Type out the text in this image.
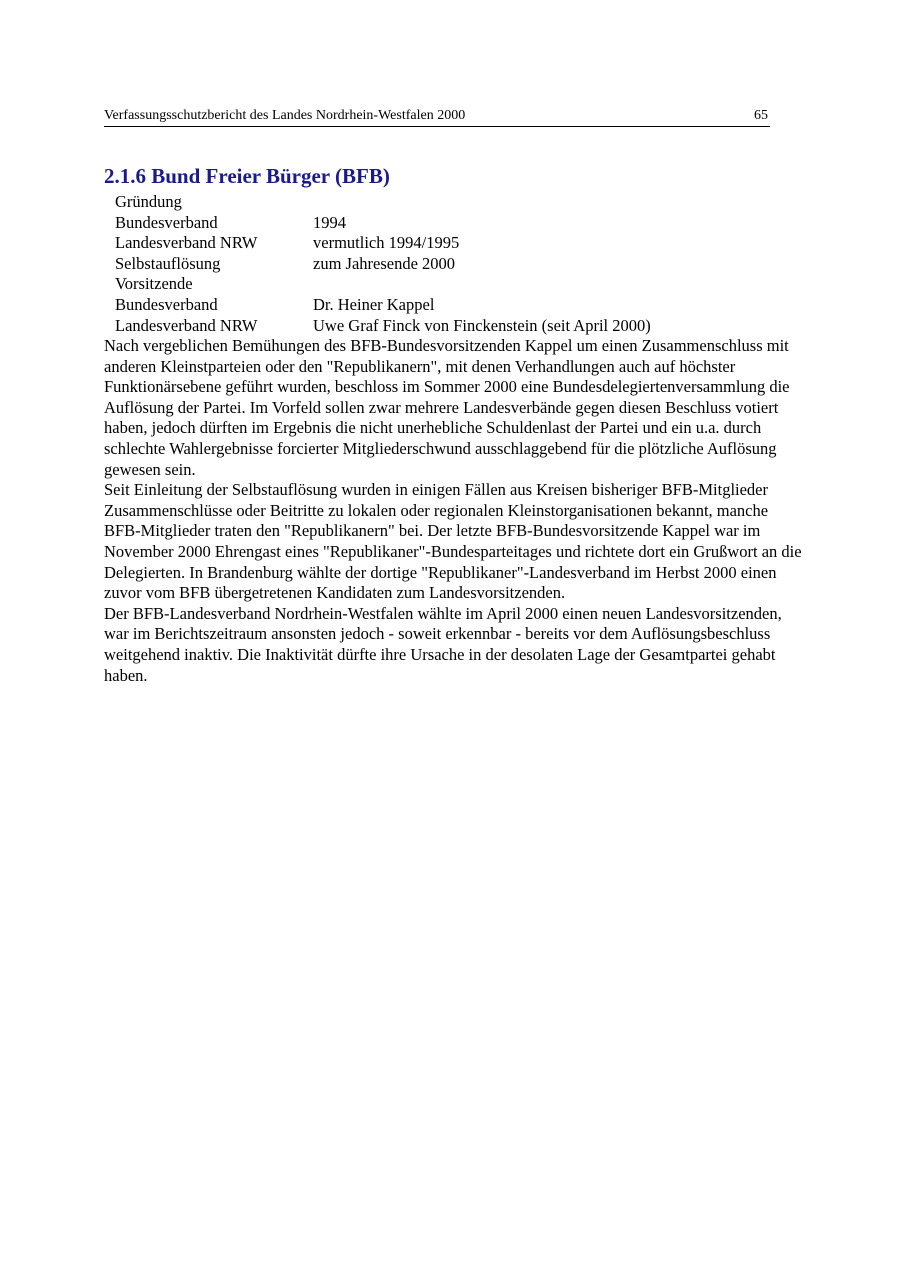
Verfassungsschutzbericht des Landes Nordrhein-Westfalen 2000	65
2.1.6 Bund Freier Bürger (BFB)
Gründung
Bundesverband	1994
Landesverband NRW	vermutlich 1994/1995
Selbstauflösung	zum Jahresende 2000
Vorsitzende
Bundesverband	Dr. Heiner Kappel
Landesverband NRW	Uwe Graf Finck von Finckenstein (seit April 2000)

Nach vergeblichen Bemühungen des BFB-Bundesvorsitzenden Kappel um einen Zusammenschluss mit anderen Kleinstparteien oder den "Republikanern", mit denen Verhandlungen auch auf höchster Funktionärsebene geführt wurden, beschloss im Sommer 2000 eine Bundesdelegiertenversammlung die Auflösung der Partei. Im Vorfeld sollen zwar mehrere Landesverbände gegen diesen Beschluss votiert haben, jedoch dürften im Ergebnis die nicht unerhebliche Schuldenlast der Partei und ein u.a. durch schlechte Wahlergebnisse forcierter Mitgliederschwund ausschlaggebend für die plötzliche Auflösung gewesen sein.

Seit Einleitung der Selbstauflösung wurden in einigen Fällen aus Kreisen bisheriger BFB-Mitglieder Zusammenschlüsse oder Beitritte zu lokalen oder regionalen Kleinstorganisationen bekannt, manche BFB-Mitglieder traten den "Republikanern" bei. Der letzte BFB-Bundesvorsitzende Kappel war im November 2000 Ehrengast eines "Republikaner"-Bundesparteitages und richtete dort ein Grußwort an die Delegierten. In Brandenburg wählte der dortige "Republikaner"-Landesverband im Herbst 2000 einen zuvor vom BFB übergetretenen Kandidaten zum Landesvorsitzenden.

Der BFB-Landesverband Nordrhein-Westfalen wählte im April 2000 einen neuen Landesvorsitzenden, war im Berichtszeitraum ansonsten jedoch - soweit erkennbar - bereits vor dem Auflösungsbeschluss weitgehend inaktiv. Die Inaktivität dürfte ihre Ursache in der desolaten Lage der Gesamtpartei gehabt haben.
